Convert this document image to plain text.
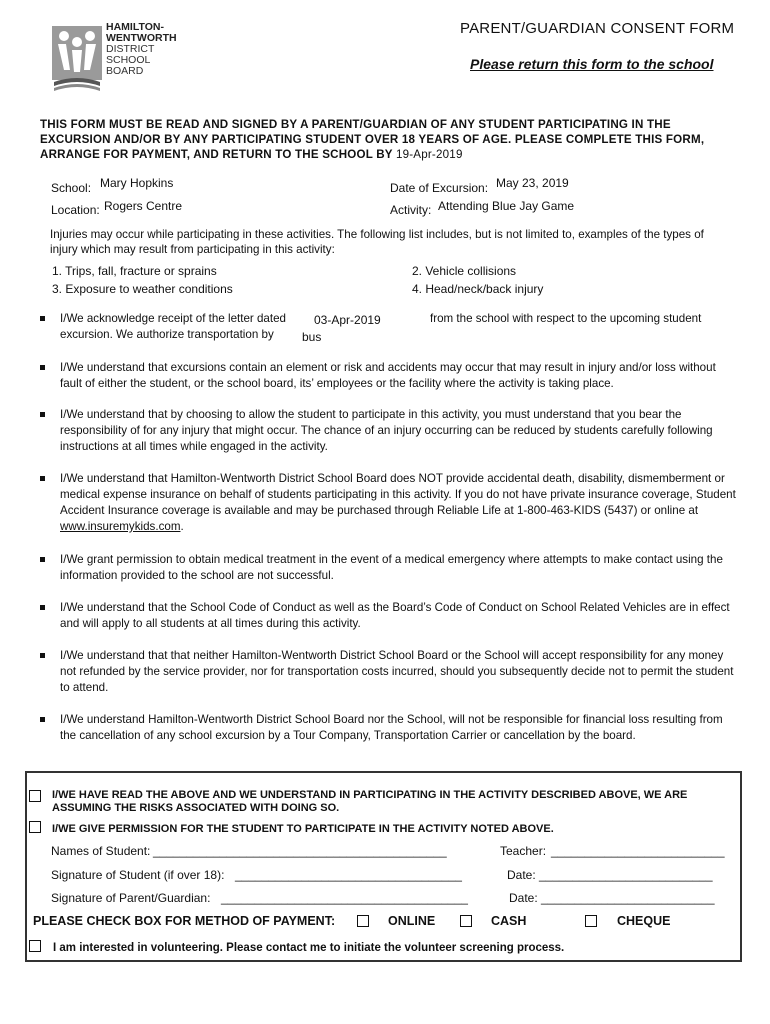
HAMILTON-
WENTWORTH
DISTRICT
SCHOOL
BOARD
PARENT/GUARDIAN CONSENT FORM
Please return this form to the school
THIS FORM MUST BE READ AND SIGNED BY A PARENT/GUARDIAN OF ANY STUDENT PARTICIPATING IN THE EXCURSION AND/OR BY ANY PARTICIPATING STUDENT OVER 18 YEARS OF AGE. PLEASE COMPLETE THIS FORM, ARRANGE FOR PAYMENT, AND RETURN TO THE SCHOOL BY 19-Apr-2019
School: Mary Hopkins	Date of Excursion: May 23, 2019
Location: Rogers Centre	Activity: Attending Blue Jay Game
Injuries may occur while participating in these activities. The following list includes, but is not limited to, examples of the types of injury which may result from participating in this activity:
1. Trips, fall, fracture or sprains	2. Vehicle collisions
3. Exposure to weather conditions	4. Head/neck/back injury
I/We acknowledge receipt of the letter dated 03-Apr-2019	from the school with respect to the upcoming student
excursion. We authorize transportation by bus
I/We understand that excursions contain an element or risk and accidents may occur that may result in injury and/or loss without fault of either the student, or the school board, its’ employees or the facility where the activity is taking place.
I/We understand that by choosing to allow the student to participate in this activity, you must understand that you bear the responsibility of for any injury that might occur. The chance of an injury occurring can be reduced by students carefully following instructions at all times while engaged in the activity.
I/We understand that Hamilton-Wentworth District School Board does NOT provide accidental death, disability, dismemberment or medical expense insurance on behalf of students participating in this activity. If you do not have private insurance coverage, Student Accident Insurance coverage is available and may be purchased through Reliable Life at 1-800-463-KIDS (5437) or online at www.insuremykids.com.
I/We grant permission to obtain medical treatment in the event of a medical emergency where attempts to make contact using the information provided to the school are not successful.
I/We understand that the School Code of Conduct as well as the Board’s Code of Conduct on School Related Vehicles are in effect and will apply to all students at all times during this activity.
I/We understand that that neither Hamilton-Wentworth District School Board or the School will accept responsibility for any money not refunded by the service provider, nor for transportation costs incurred, should you subsequently decide not to permit the student to attend.
I/We understand Hamilton-Wentworth District School Board nor the School, will not be responsible for financial loss resulting from the cancellation of any school excursion by a Tour Company, Transportation Carrier or cancellation by the board.
I/WE HAVE READ THE ABOVE AND WE UNDERSTAND IN PARTICIPATING IN THE ACTIVITY DESCRIBED ABOVE, WE ARE ASSUMING THE RISKS ASSOCIATED WITH DOING SO.
I/WE GIVE PERMISSION FOR THE STUDENT TO PARTICIPATE IN THE ACTIVITY NOTED ABOVE.
Names of Student: ____________________________________________	Teacher: __________________________
Signature of Student (if over 18): __________________________________	Date: __________________________
Signature of Parent/Guardian: _____________________________________	Date: __________________________
PLEASE CHECK BOX FOR METHOD OF PAYMENT:	ONLINE	CASH	CHEQUE
I am interested in volunteering. Please contact me to initiate the volunteer screening process.
